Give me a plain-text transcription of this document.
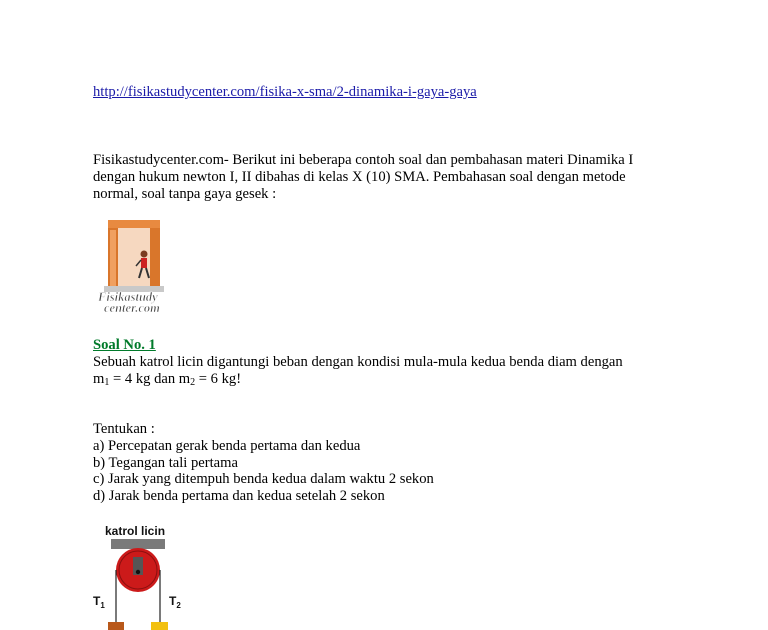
http://fisikastudycenter.com/fisika-x-sma/2-dinamika-i-gaya-gaya
Fisikastudycenter.com- Berikut ini beberapa contoh soal dan pembahasan materi Dinamika I
dengan hukum newton I, II dibahas di kelas X (10) SMA. Pembahasan soal dengan metode
normal, soal tanpa gaya gesek :
Fisikastudy
center.com
Soal No. 1
Sebuah katrol licin digantungi beban dengan kondisi mula-mula kedua benda diam dengan
$m_1 = 4$ kg dan $m_2 = 6$ kg!
Tentukan :
a) Percepatan gerak benda pertama dan kedua
b) Tegangan tali pertama
c) Jarak yang ditempuh benda kedua dalam waktu 2 sekon
d) Jarak benda pertama dan kedua setelah 2 sekon
katrol licin
$T_1$	$T_2$
